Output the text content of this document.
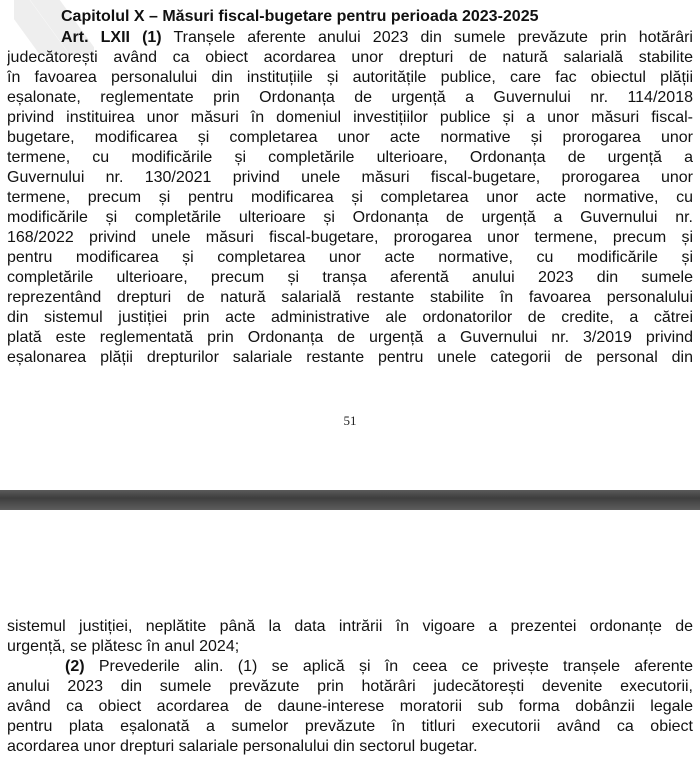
Capitolul X – Măsuri fiscal-bugetare pentru perioada 2023-2025
Art. LXII (1) Tranșele aferente anului 2023 din sumele prevăzute prin hotărâri
judecătorești având ca obiect acordarea unor drepturi de natură salarială stabilite
în favoarea personalului din instituțiile și autoritățile publice, care fac obiectul plății
eșalonate, reglementate prin Ordonanța de urgență a Guvernului nr. 114/2018
privind instituirea unor măsuri în domeniul investițiilor publice și a unor măsuri fiscal-
bugetare, modificarea și completarea unor acte normative și prorogarea unor
termene, cu modificările și completările ulterioare, Ordonanța de urgență a
Guvernului nr. 130/2021 privind unele măsuri fiscal-bugetare, prorogarea unor
termene, precum și pentru modificarea și completarea unor acte normative, cu
modificările și completările ulterioare și Ordonanța de urgență a Guvernului nr.
168/2022 privind unele măsuri fiscal-bugetare, prorogarea unor termene, precum și
pentru modificarea și completarea unor acte normative, cu modificările și
completările ulterioare, precum și tranșa aferentă anului 2023 din sumele
reprezentând drepturi de natură salarială restante stabilite în favoarea personalului
din sistemul justiției prin acte administrative ale ordonatorilor de credite, a cătrei
plată este reglementată prin Ordonanța de urgență a Guvernului nr. 3/2019 privind
eșalonarea plății drepturilor salariale restante pentru unele categorii de personal din
51
sistemul justiției, neplătite până la data intrării în vigoare a prezentei ordonanțe de
urgență, se plătesc în anul 2024;
(2) Prevederile alin. (1) se aplică și în ceea ce privește tranșele aferente
anului 2023 din sumele prevăzute prin hotărâri judecătorești devenite executorii,
având ca obiect acordarea de daune-interese moratorii sub forma dobânzii legale
pentru plata eșalonată a sumelor prevăzute în titluri executorii având ca obiect
acordarea unor drepturi salariale personalului din sectorul bugetar.
